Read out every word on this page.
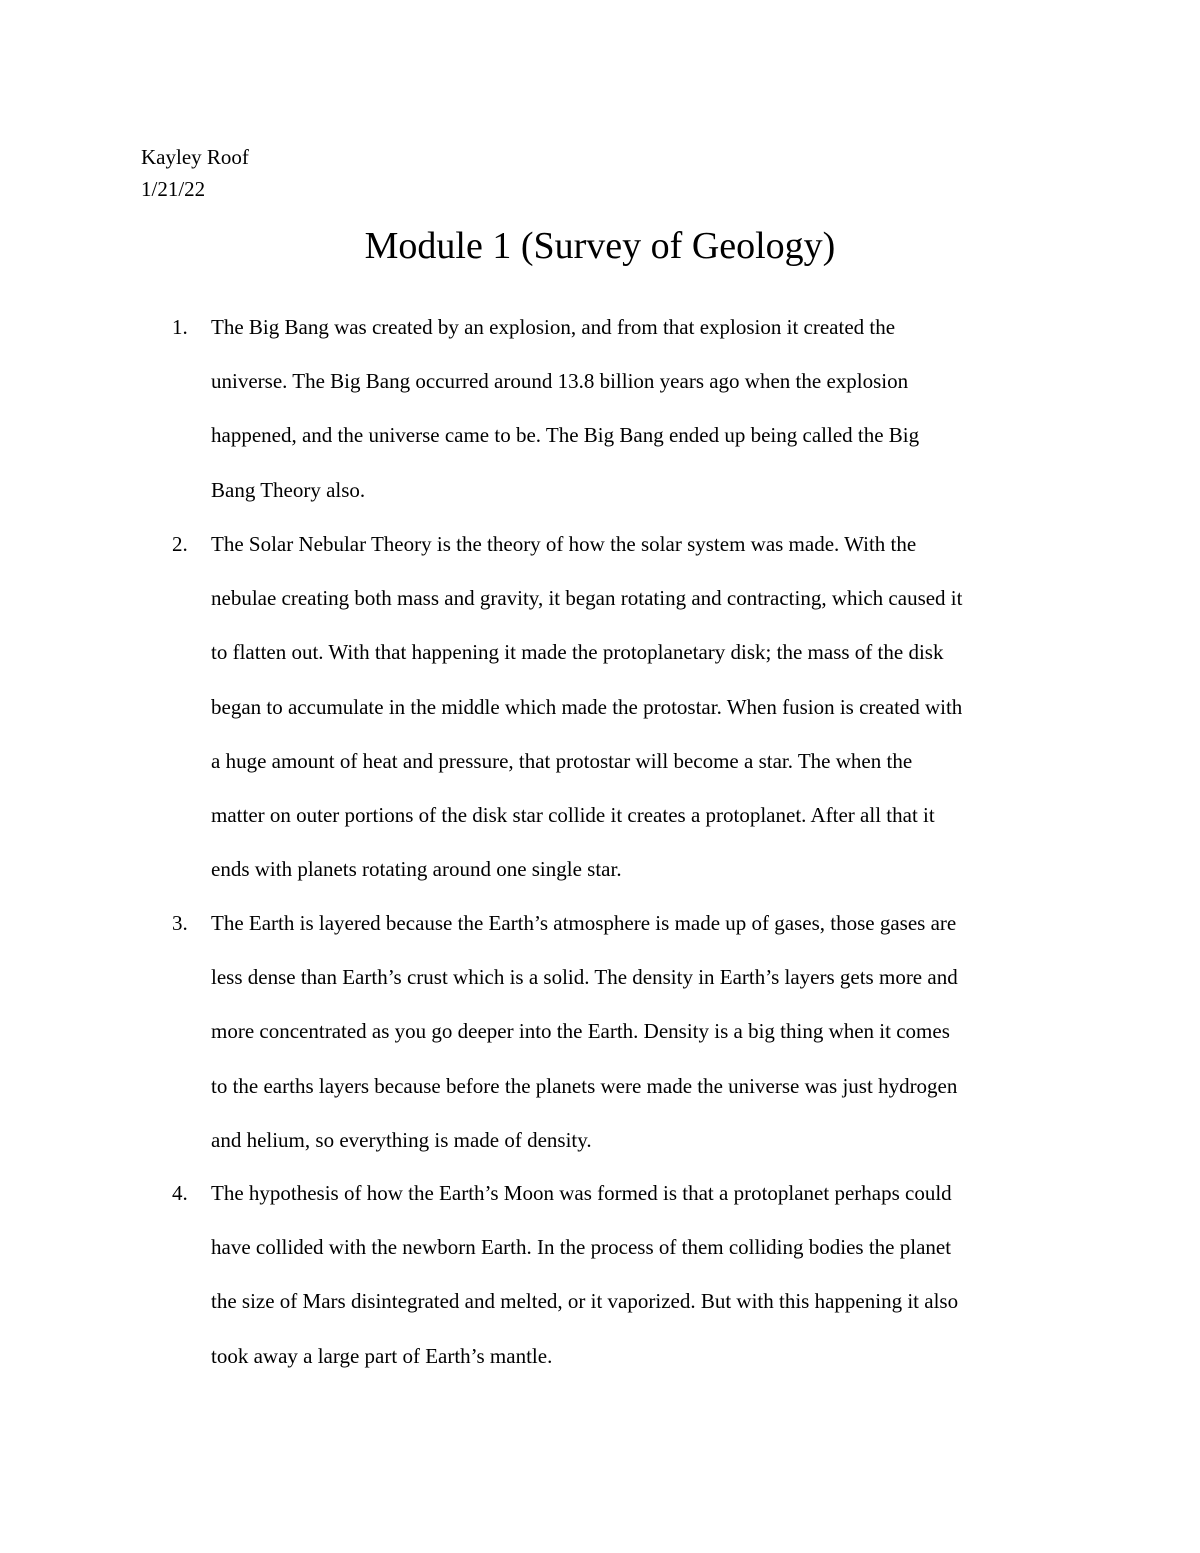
Kayley Roof
1/21/22
Module 1 (Survey of Geology)
1. The Big Bang was created by an explosion, and from that explosion it created the
universe. The Big Bang occurred around 13.8 billion years ago when the explosion
happened, and the universe came to be. The Big Bang ended up being called the Big
Bang Theory also.
2. The Solar Nebular Theory is the theory of how the solar system was made. With the
nebulae creating both mass and gravity, it began rotating and contracting, which caused it
to flatten out. With that happening it made the protoplanetary disk; the mass of the disk
began to accumulate in the middle which made the protostar. When fusion is created with
a huge amount of heat and pressure, that protostar will become a star. The when the
matter on outer portions of the disk star collide it creates a protoplanet. After all that it
ends with planets rotating around one single star.
3. The Earth is layered because the Earth’s atmosphere is made up of gases, those gases are
less dense than Earth’s crust which is a solid. The density in Earth’s layers gets more and
more concentrated as you go deeper into the Earth. Density is a big thing when it comes
to the earths layers because before the planets were made the universe was just hydrogen
and helium, so everything is made of density.
4. The hypothesis of how the Earth’s Moon was formed is that a protoplanet perhaps could
have collided with the newborn Earth. In the process of them colliding bodies the planet
the size of Mars disintegrated and melted, or it vaporized. But with this happening it also
took away a large part of Earth’s mantle.
